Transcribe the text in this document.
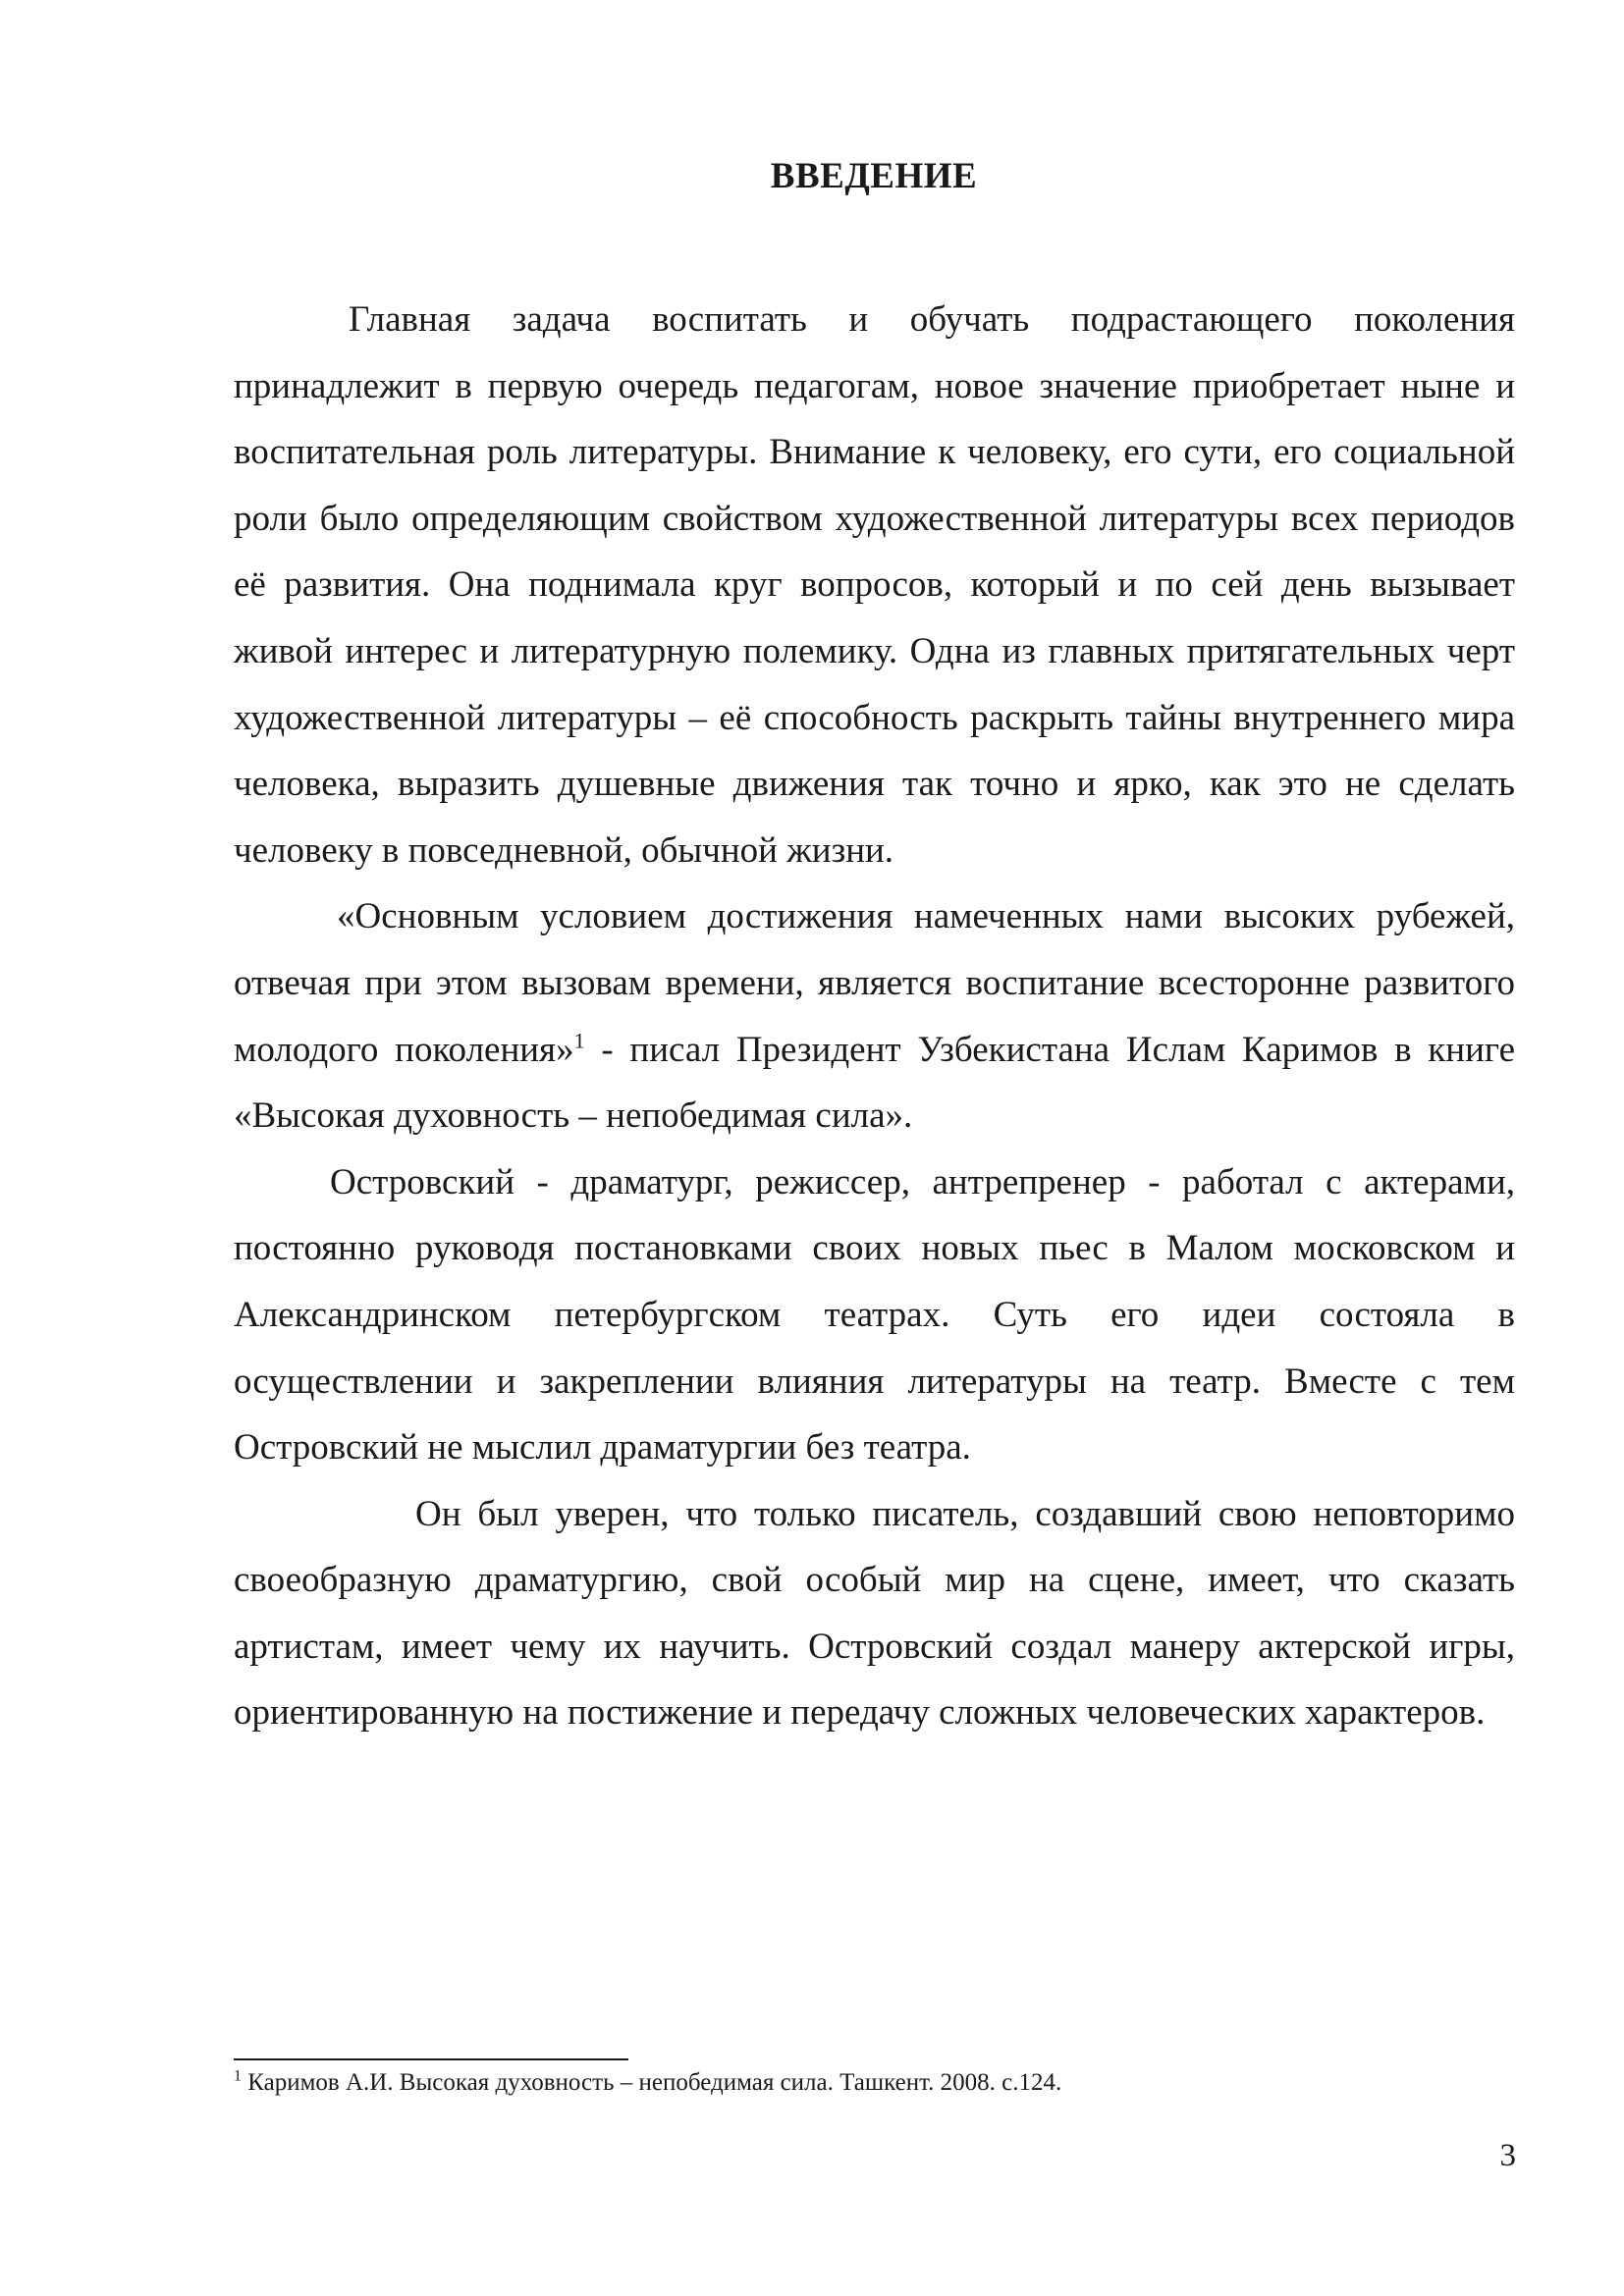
ВВЕДЕНИЕ

Главная задача воспитать и обучать подрастающего поколения принадлежит в первую очередь педагогам, новое значение приобретает ныне и воспитательная роль литературы. Внимание к человеку, его сути, его социальной роли было определяющим свойством художественной литературы всех периодов её развития. Она поднимала круг вопросов, который и по сей день вызывает живой интерес и литературную полемику. Одна из главных притягательных черт художественной литературы – её способность раскрыть тайны внутреннего мира человека, выразить душевные движения так точно и ярко, как это не сделать человеку в повседневной, обычной жизни.

«Основным условием достижения намеченных нами высоких рубежей, отвечая при этом вызовам времени, является воспитание всесторонне развитого молодого поколения»$^1$ - писал Президент Узбекистана Ислам Каримов в книге «Высокая духовность – непобедимая сила».

Островский - драматург, режиссер, антрепренер - работал с актерами, постоянно руководя постановками своих новых пьес в Малом московском и Александринском петербургском театрах. Суть его идеи состояла в осуществлении и закреплении влияния литературы на театр. Вместе с тем Островский не мыслил драматургии без театра.

Он был уверен, что только писатель, создавший свою неповторимо своеобразную драматургию, свой особый мир на сцене, имеет, что сказать артистам, имеет чему их научить. Островский создал манеру актерской игры, ориентированную на постижение и передачу сложных человеческих характеров.

$^1$ Каримов А.И. Высокая духовность – непобедимая сила. Ташкент. 2008. с.124.

3
